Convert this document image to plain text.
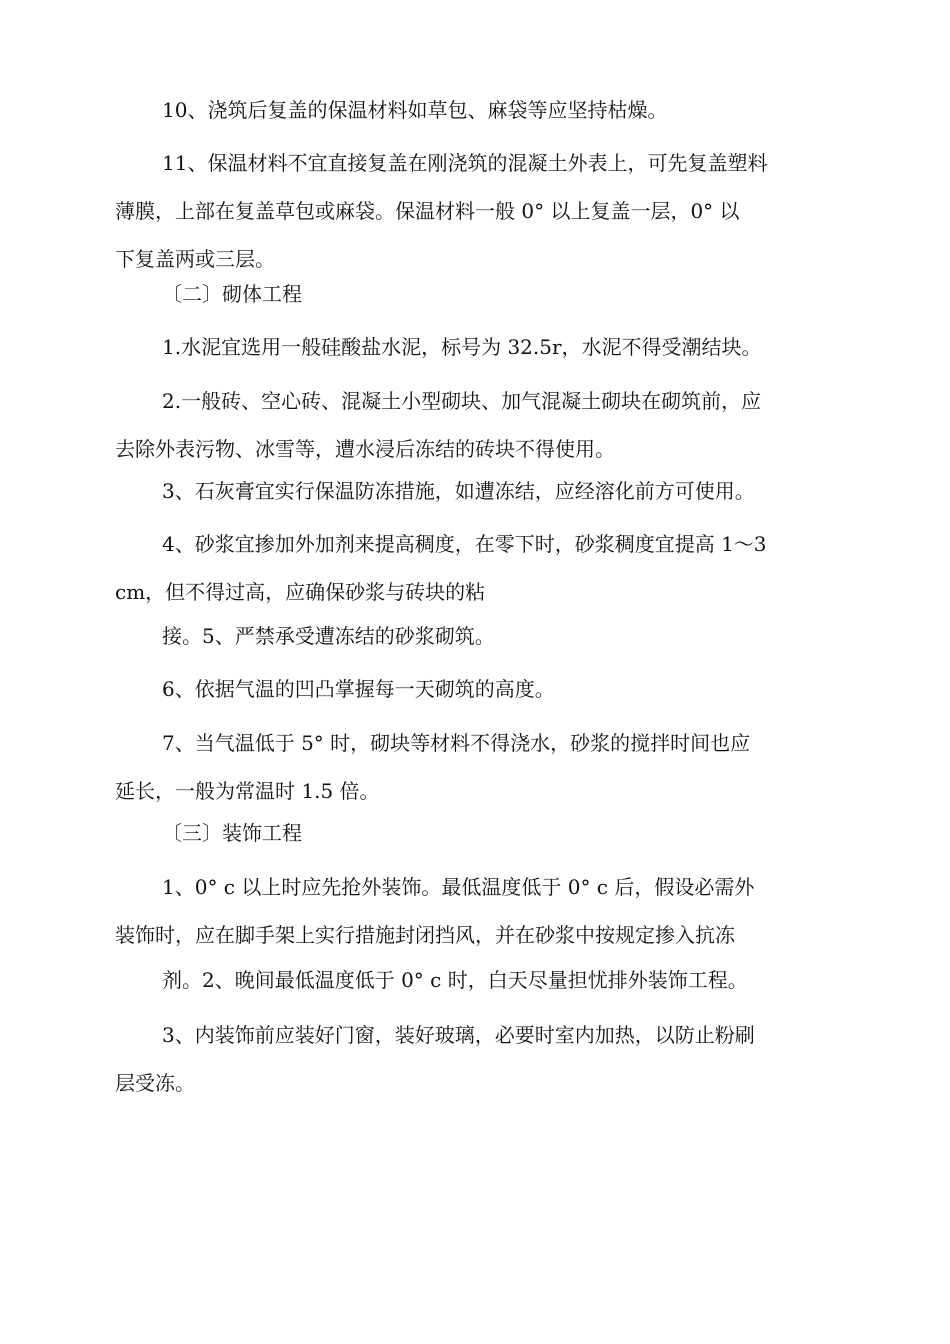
10、浇筑后复盖的保温材料如草包、麻袋等应坚持枯燥。
11、保温材料不宜直接复盖在刚浇筑的混凝土外表上，可先复盖塑料
薄膜，上部在复盖草包或麻袋。保温材料一般 0° 以上复盖一层，0° 以
下复盖两或三层。
〔二〕砌体工程
1.水泥宜选用一般硅酸盐水泥，标号为 32.5r，水泥不得受潮结块。
2.一般砖、空心砖、混凝土小型砌块、加气混凝土砌块在砌筑前，应
去除外表污物、冰雪等，遭水浸后冻结的砖块不得使用。
3、石灰膏宜实行保温防冻措施，如遭冻结，应经溶化前方可使用。
4、砂浆宜掺加外加剂来提高稠度，在零下时，砂浆稠度宜提高 1～3
cm，但不得过高，应确保砂浆与砖块的粘
接。5、严禁承受遭冻结的砂浆砌筑。
6、依据气温的凹凸掌握每一天砌筑的高度。
7、当气温低于 5° 时，砌块等材料不得浇水，砂浆的搅拌时间也应
延长，一般为常温时 1.5 倍。
〔三〕装饰工程
1、0° c 以上时应先抢外装饰。最低温度低于 0° c 后，假设必需外
装饰时，应在脚手架上实行措施封闭挡风，并在砂浆中按规定掺入抗冻
剂。2、晚间最低温度低于 0° c 时，白天尽量担忧排外装饰工程。
3、内装饰前应装好门窗，装好玻璃，必要时室内加热，以防止粉刷
层受冻。
